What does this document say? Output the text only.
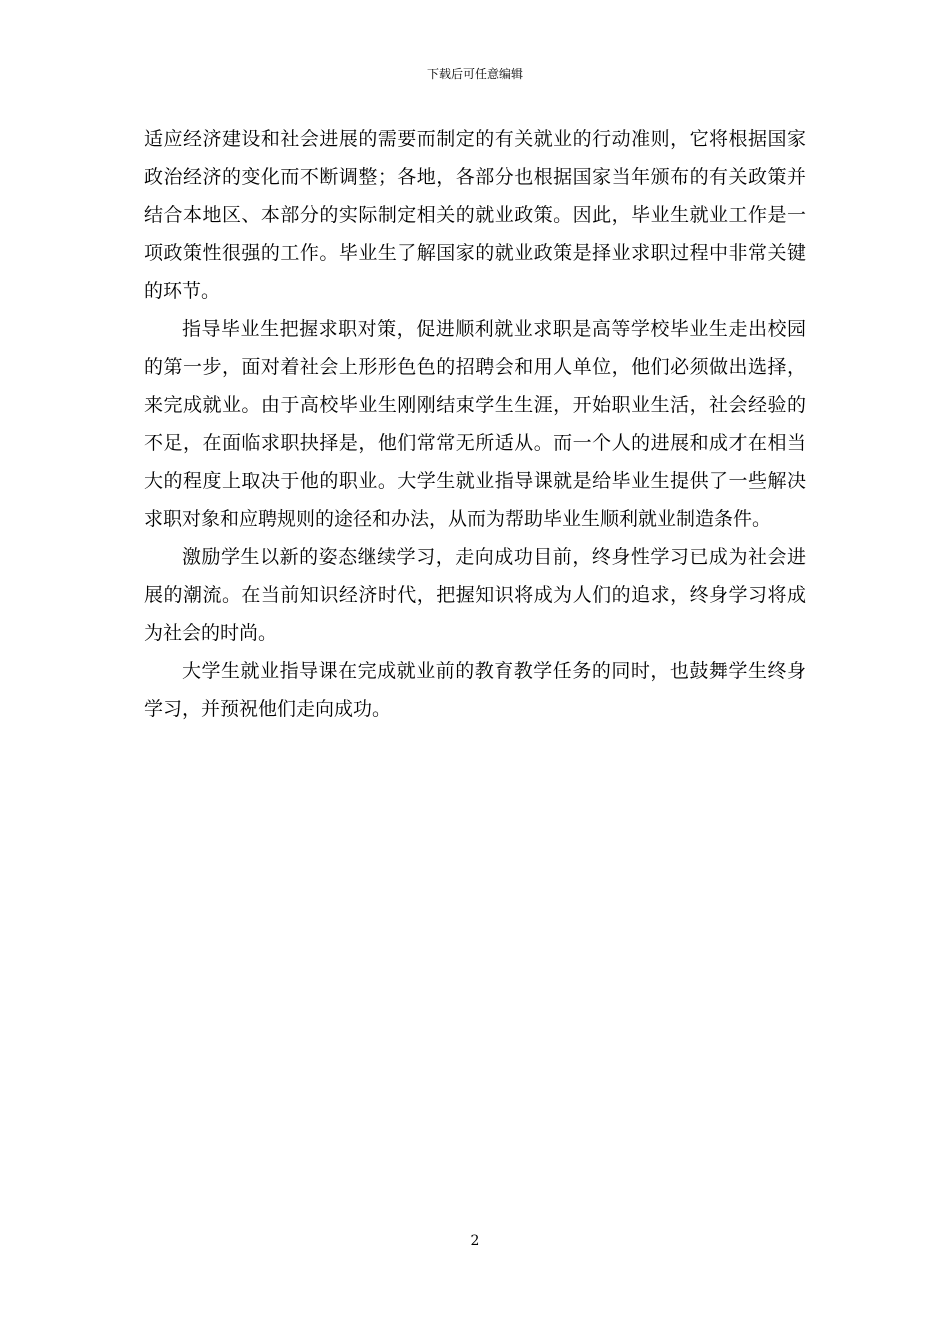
下载后可任意编辑

适应经济建设和社会进展的需要而制定的有关就业的行动准则，它将根据国家政治经济的变化而不断调整；各地，各部分也根据国家当年颁布的有关政策并结合本地区、本部分的实际制定相关的就业政策。因此，毕业生就业工作是一项政策性很强的工作。毕业生了解国家的就业政策是择业求职过程中非常关键的环节。

指导毕业生把握求职对策，促进顺利就业求职是高等学校毕业生走出校园的第一步，面对着社会上形形色色的招聘会和用人单位，他们必须做出选择，来完成就业。由于高校毕业生刚刚结束学生生涯，开始职业生活，社会经验的不足，在面临求职抉择是，他们常常无所适从。而一个人的进展和成才在相当大的程度上取决于他的职业。大学生就业指导课就是给毕业生提供了一些解决求职对象和应聘规则的途径和办法，从而为帮助毕业生顺利就业制造条件。

激励学生以新的姿态继续学习，走向成功目前，终身性学习已成为社会进展的潮流。在当前知识经济时代，把握知识将成为人们的追求，终身学习将成为社会的时尚。

大学生就业指导课在完成就业前的教育教学任务的同时，也鼓舞学生终身学习，并预祝他们走向成功。

2
